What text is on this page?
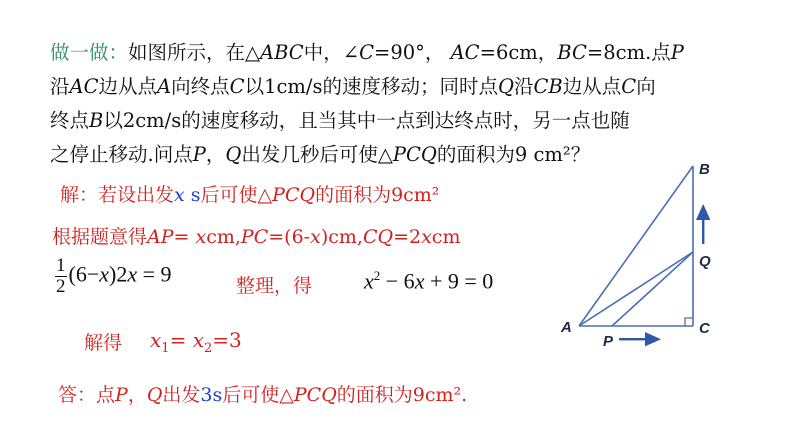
做一做：如图所示，在△ABC中，∠C=90°， AC=6cm，BC=8cm.点P
沿AC边从点A向终点C以1cm/s的速度移动；同时点Q沿CB边从点C向
终点B以2cm/s的速度移动，且当其中一点到达终点时，另一点也随
之停止移动.问点P，Q出发几秒后可使△PCQ的面积为9 cm²？
解：若设出发x s后可使△PCQ的面积为9cm²
根据题意得AP= xcm,PC=(6-x)cm,CQ=2xcm
$\frac{1}{2} (6-x)2x = 9$	整理，得 $x^2 - 6x + 9 = 0$
解得 $x_1= x_2=3$
答：点P，Q出发3s后可使△PCQ的面积为9cm².
A
B
C
P
Q
